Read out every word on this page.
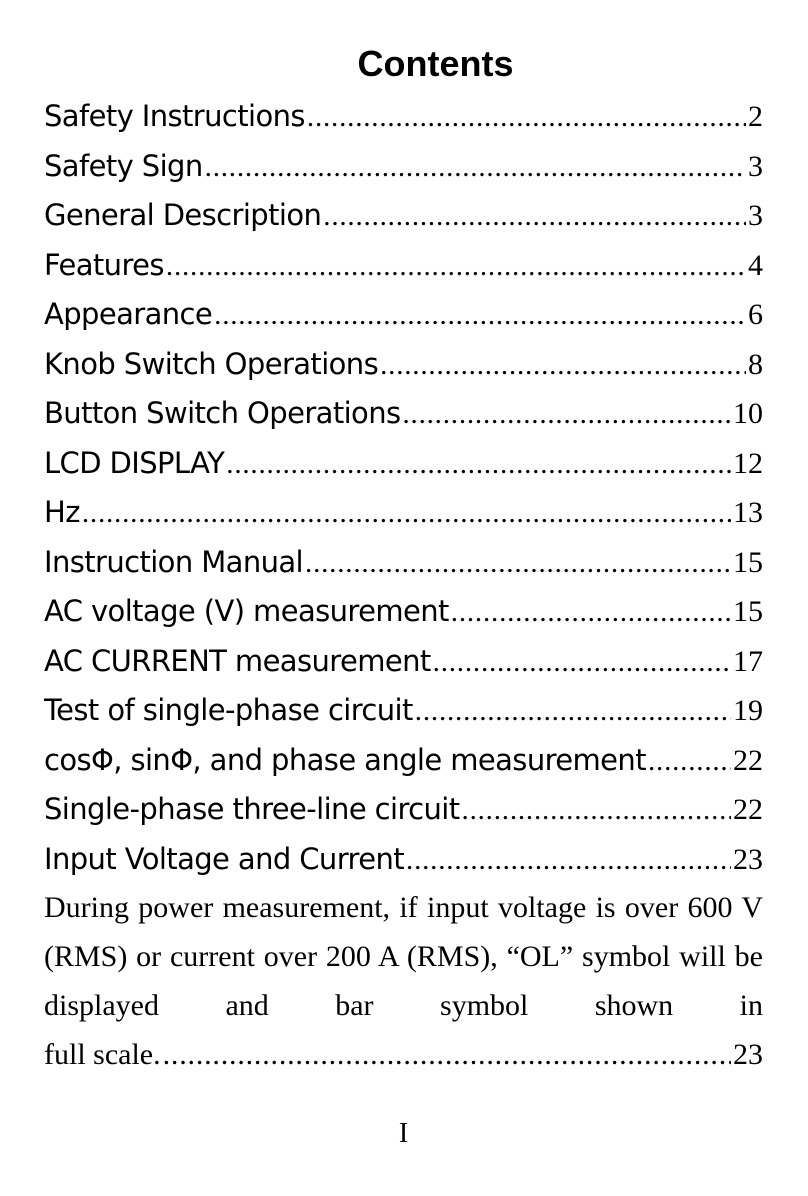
Contents
Safety Instructions .....	2
Safety Sign .....	3
General Description .....	3
Features .....	4
Appearance .....	6
Knob Switch Operations .....	8
Button Switch Operations .....	10
LCD DISPLAY .....	12
Hz .....	13
Instruction Manual .....	15
AC voltage (V) measurement .....	15
AC CURRENT measurement .....	17
Test of single-phase circuit .....	19
cosΦ, sinΦ, and phase angle measurement .....	22
Single-phase three-line circuit .....	22
Input Voltage and Current .....	23

During power measurement, if input voltage is over 600 V (RMS) or current over 200 A (RMS), “OL” symbol will be displayed and bar symbol shown in

full scale. .....	23
I
